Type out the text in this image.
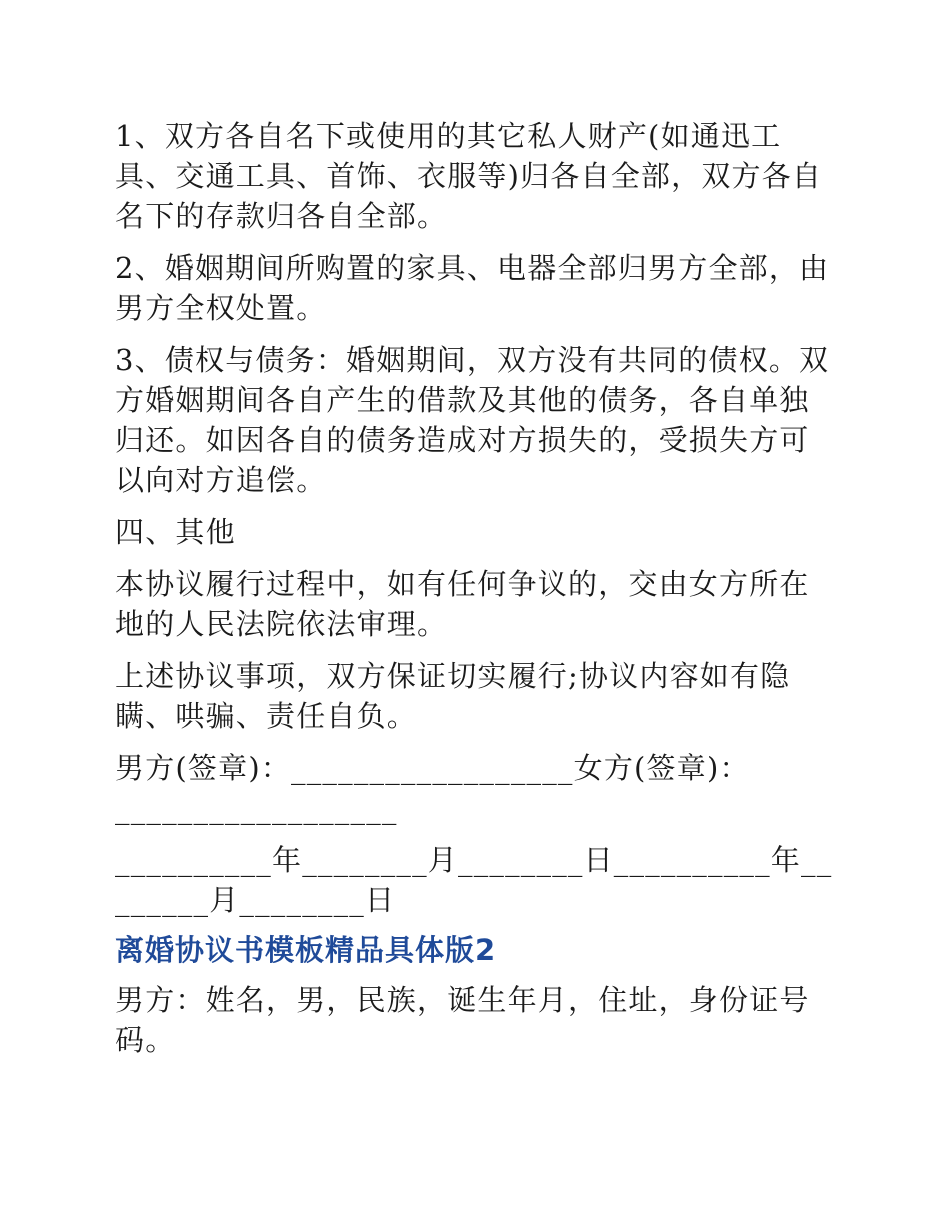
1、双方各自名下或使用的其它私人财产(如通迅工具、交通工具、首饰、衣服等)归各自全部，双方各自名下的存款归各自全部。

2、婚姻期间所购置的家具、电器全部归男方全部，由男方全权处置。

3、债权与债务：婚姻期间，双方没有共同的债权。双方婚姻期间各自产生的借款及其他的债务，各自单独归还。如因各自的债务造成对方损失的，受损失方可以向对方追偿。

四、其他

本协议履行过程中，如有任何争议的，交由女方所在地的人民法院依法审理。

上述协议事项，双方保证切实履行;协议内容如有隐瞒、哄骗、责任自负。

男方(签章)：__________________女方(签章)：__________________

__________年________月________日__________年________月________日

离婚协议书模板精品具体版2

男方：姓名，男，民族，诞生年月，住址，身份证号码。
